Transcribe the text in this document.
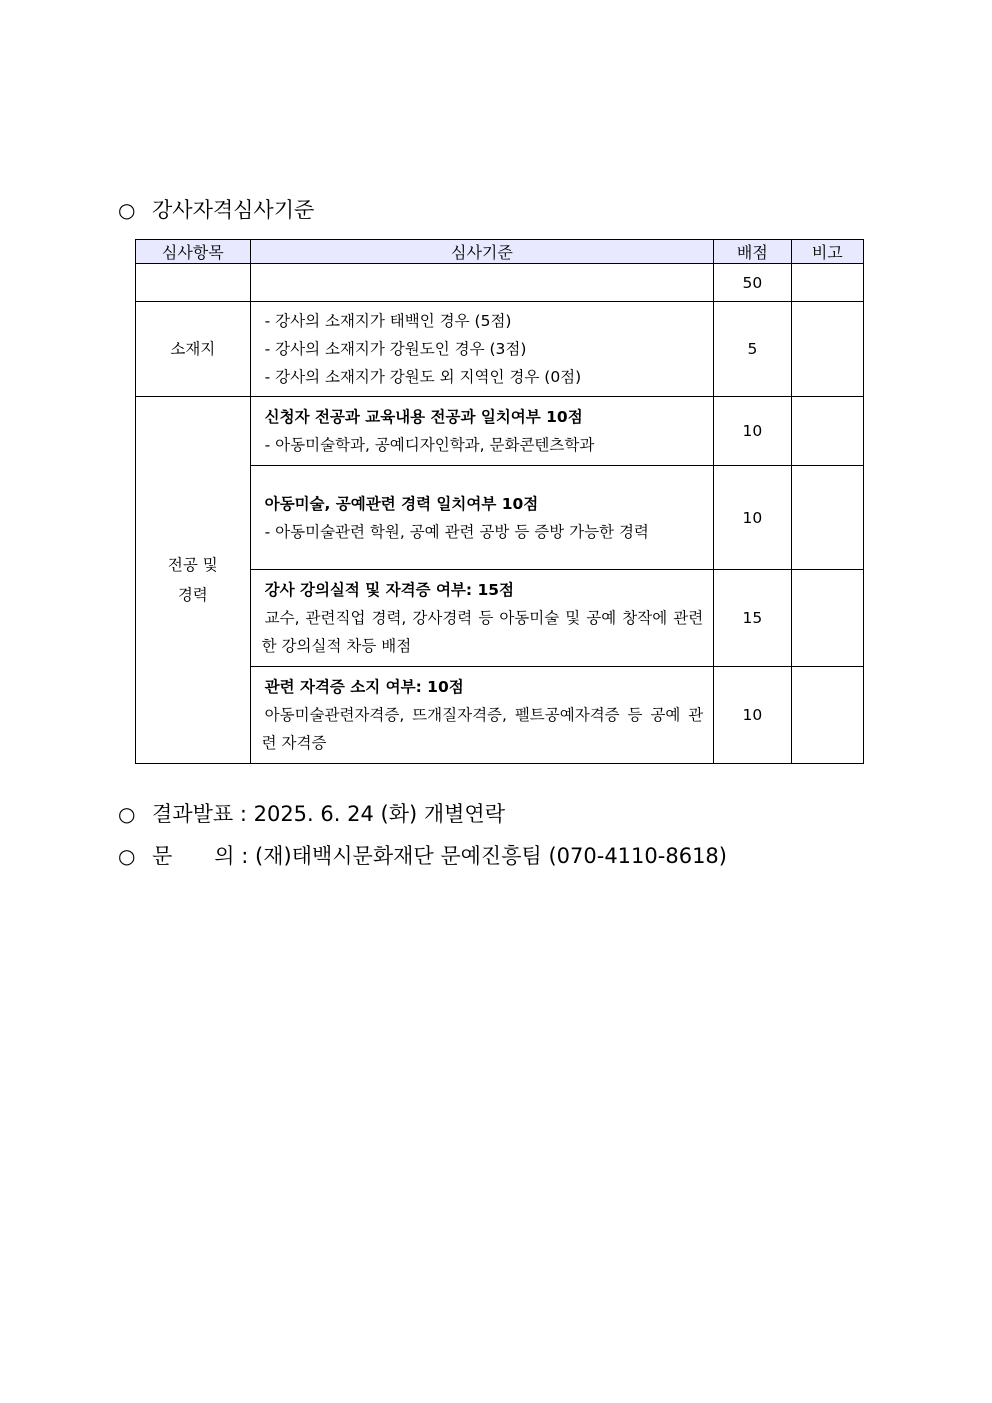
○ 강사자격심사기준
심사항목	심사기준	배점	비고
		50	
소재지	- 강사의 소재지가 태백인 경우 (5점)
- 강사의 소재지가 강원도인 경우 (3점)
- 강사의 소재지가 강원도 외 지역인 경우 (0점)	5	

전공 및
경력	신청자 전공과 교육내용 전공과 일치여부 10점
- 아동미술학과, 공예디자인학과, 문화콘텐츠학과	10	

	아동미술, 공예관련 경력 일치여부 10점
- 아동미술관련 학원, 공예 관련 공방 등 증방 가능한 경력	10	

	강사 강의실적 및 자격증 여부: 15점
교수, 관련직업 경력, 강사경력 등 아동미술 및 공예 창작에 관련한 강의실적 차등 배점	15	

	관련 자격증 소지 여부: 10점
아동미술관련자격증, 뜨개질자격증, 펠트공예자격증 등 공예 관련 자격증	10	
○ 결과발표 : 2025. 6. 24 (화) 개별연락
○ 문　　의 : (재)태백시문화재단 문예진흥팀 (070-4110-8618)
